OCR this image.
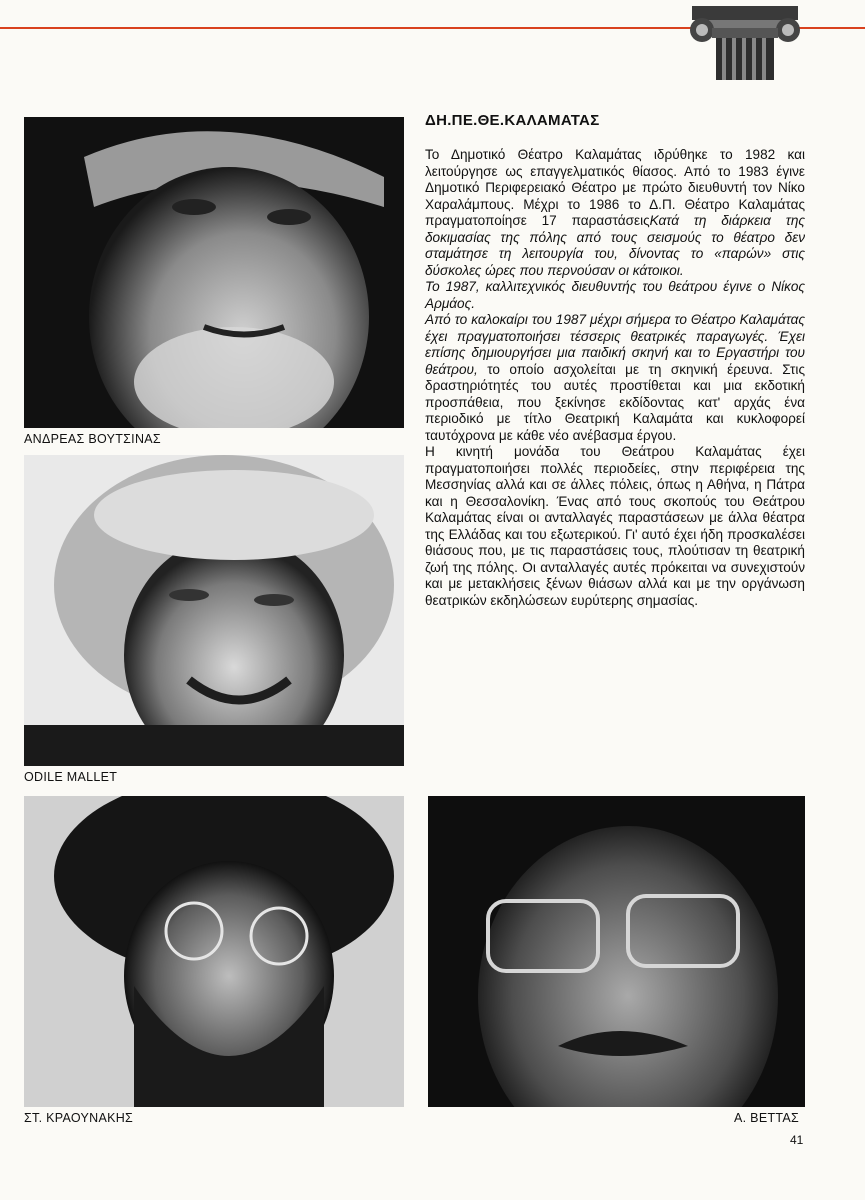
ΑΝΔΡΕΑΣ ΒΟΥΤΣΙΝΑΣ
ODILE MALLET
ΣΤ. ΚΡΑΟΥΝΑΚΗΣ	Α. ΒΕΤΤΑΣ
ΔΗ.ΠΕ.ΘΕ.ΚΑΛΑΜΑΤΑΣ

Το Δημοτικό Θέατρο Καλαμάτας ιδρύθηκε το 1982 και λειτούργησε ως επαγγελματικός θίασος. Από το 1983 έγινε Δημοτικό Περιφερειακό Θέατρο με πρώτο διευθυντή τον Νίκο Χαραλάμπους. Μέχρι το 1986 το Δ.Π. Θέατρο Καλαμάτας πραγματοποίησε 17 παραστάσειςΚατά τη διάρκεια της δοκιμασίας της πόλης από τους σεισμούς το θέατρο δεν σταμάτησε τη λειτουργία του, δίνοντας το «παρών» στις δύσκολες ώρες που περνούσαν οι κάτοικοι.

Το 1987, καλλιτεχνικός διευθυντής του θεάτρου έγινε ο Νίκος Αρμάος.

Από το καλοκαίρι του 1987 μέχρι σήμερα το Θέατρο Καλαμάτας έχει πραγματοποιήσει τέσσερις θεατρικές παραγωγές. Έχει επίσης δημιουργήσει μια παιδική σκηνή και το Εργαστήρι του θεάτρου, το οποίο ασχολείται με τη σκηνική έρευνα. Στις δραστηριότητές του αυτές προστίθεται και μια εκδοτική προσπάθεια, που ξεκίνησε εκδίδοντας κατ' αρχάς ένα περιοδικό με τίτλο Θεατρική Καλαμάτα και κυκλοφορεί ταυτόχρονα με κάθε νέο ανέβασμα έργου.

Η κινητή μονάδα του Θεάτρου Καλαμάτας έχει πραγματοποιήσει πολλές περιοδείες, στην περιφέρεια της Μεσσηνίας αλλά και σε άλλες πόλεις, όπως η Αθήνα, η Πάτρα και η Θεσσαλονίκη. Ένας από τους σκοπούς του Θεάτρου Καλαμάτας είναι οι ανταλλαγές παραστάσεων με άλλα θέατρα της Ελλάδας και του εξωτερικού. Γι' αυτό έχει ήδη προσκαλέσει θιάσους που, με τις παραστάσεις τους, πλούτισαν τη θεατρική ζωή της πόλης. Οι ανταλλαγές αυτές πρόκειται να συνεχιστούν και με μετακλήσεις ξένων θιάσων αλλά και με την οργάνωση θεατρικών εκδηλώσεων ευρύτερης σημασίας.

41
